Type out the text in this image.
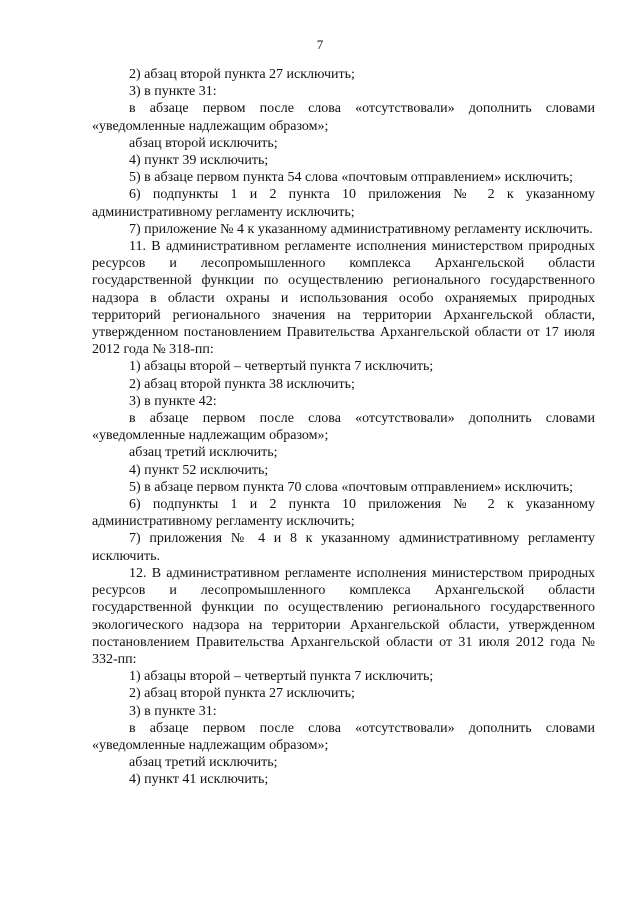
7

2) абзац второй пункта 27 исключить;

3) в пункте 31:

в абзаце первом после слова «отсутствовали» дополнить словами «уведомленные надлежащим образом»;

абзац второй исключить;

4) пункт 39 исключить;

5) в абзаце первом пункта 54 слова «почтовым отправлением» исключить;

6) подпункты 1 и 2 пункта 10 приложения № 2 к указанному административному регламенту исключить;

7) приложение № 4 к указанному административному регламенту исключить.

11. В административном регламенте исполнения министерством природных ресурсов и лесопромышленного комплекса Архангельской области государственной функции по осуществлению регионального государственного надзора в области охраны и использования особо охраняемых природных территорий регионального значения на территории Архангельской области, утвержденном постановлением Правительства Архангельской области от 17 июля 2012 года № 318-пп:

1) абзацы второй – четвертый пункта 7 исключить;

2) абзац второй пункта 38 исключить;

3) в пункте 42:

в абзаце первом после слова «отсутствовали» дополнить словами «уведомленные надлежащим образом»;

абзац третий исключить;

4) пункт 52 исключить;

5) в абзаце первом пункта 70 слова «почтовым отправлением» исключить;

6) подпункты 1 и 2 пункта 10 приложения № 2 к указанному административному регламенту исключить;

7) приложения № 4 и 8 к указанному административному регламенту исключить.

12. В административном регламенте исполнения министерством природных ресурсов и лесопромышленного комплекса Архангельской области государственной функции по осуществлению регионального государственного экологического надзора на территории Архангельской области, утвержденном постановлением Правительства Архангельской области от 31 июля 2012 года № 332-пп:

1) абзацы второй – четвертый пункта 7 исключить;

2) абзац второй пункта 27 исключить;

3) в пункте 31:

в абзаце первом после слова «отсутствовали» дополнить словами «уведомленные надлежащим образом»;

абзац третий исключить;

4) пункт 41 исключить;
